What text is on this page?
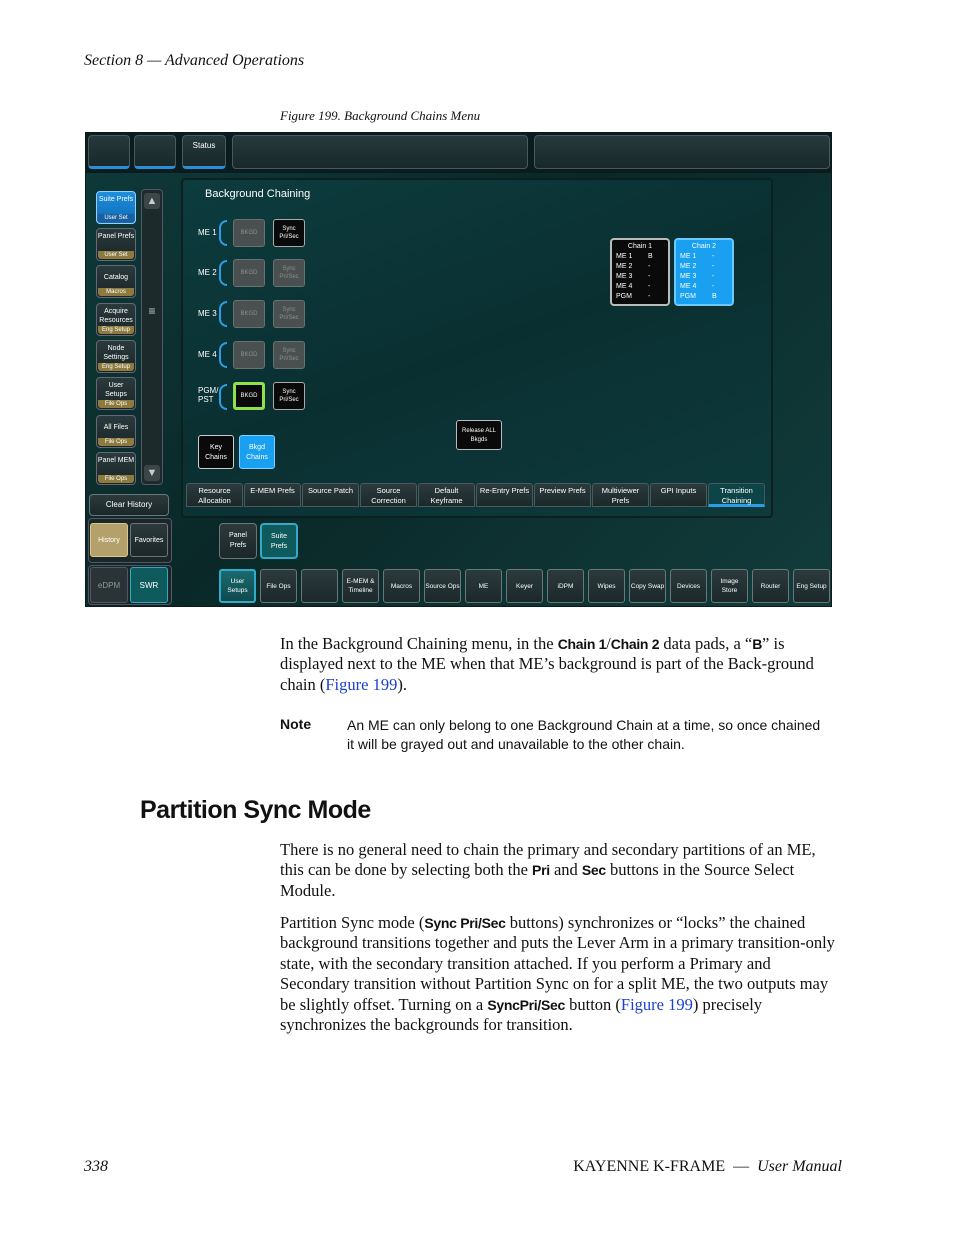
Section 8 — Advanced Operations
Figure 199. Background Chains Menu
Status
Suite Prefs
User Set
Panel Prefs
User Set
Catalog
Macros
Acquire Resources
Eng Setup
Node Settings
Eng Setup
User Setups
File Ops
All Files
File Ops
Panel MEM
File Ops
▲
≡
▼
Clear History
History	Favorites
eDPM	SWR
Background Chaining
ME 1	BKGD
Sync Pri/Sec
ME 2	BKGD
Sync Pri/Sec
ME 3	BKGD
Sync Pri/Sec
ME 4	BKGD
Sync Pri/Sec
PGM/ PST	BKGD
Sync Pri/Sec
Chain 1
ME 1	B
ME 2	-
ME 3	-
ME 4	-
PGM	-
Chain 2
ME 1	-
ME 2	-
ME 3	-
ME 4	-
PGM	B
Release ALL Bkgds
Key Chains
Bkgd Chains
Resource Allocation
E-MEM Prefs	Source Patch	Source Correction
Default Keyframe
Re-Entry Prefs	Preview Prefs	Multiviewer Prefs
GPI Inputs	Transition Chaining
Panel Prefs
Suite Prefs
User Setups
File Ops
E-MEM & Timeline
Macros Source Ops	ME	Keyer	iDPM	Wipes Copy Swap Devices
Image Store
Router Eng Setup
In the Background Chaining menu, in the Chain 1/Chain 2 data pads, a “B” is displayed next to the ME when that ME’s background is part of the Back-ground chain (Figure 199).
Note	An ME can only belong to one Background Chain at a time, so once chained it will be grayed out and unavailable to the other chain.
Partition Sync Mode
There is no general need to chain the primary and secondary partitions of an ME, this can be done by selecting both the Pri and Sec buttons in the Source Select Module.
Partition Sync mode (Sync Pri/Sec buttons) synchronizes or “locks” the chained background transitions together and puts the Lever Arm in a primary transition-only state, with the secondary transition attached. If you perform a Primary and Secondary transition without Partition Sync on for a split ME, the two outputs may be slightly offset. Turning on a SyncPri/Sec button (Figure 199) precisely synchronizes the backgrounds for transition.
338	KAYENNE K-FRAME  —  User Manual
